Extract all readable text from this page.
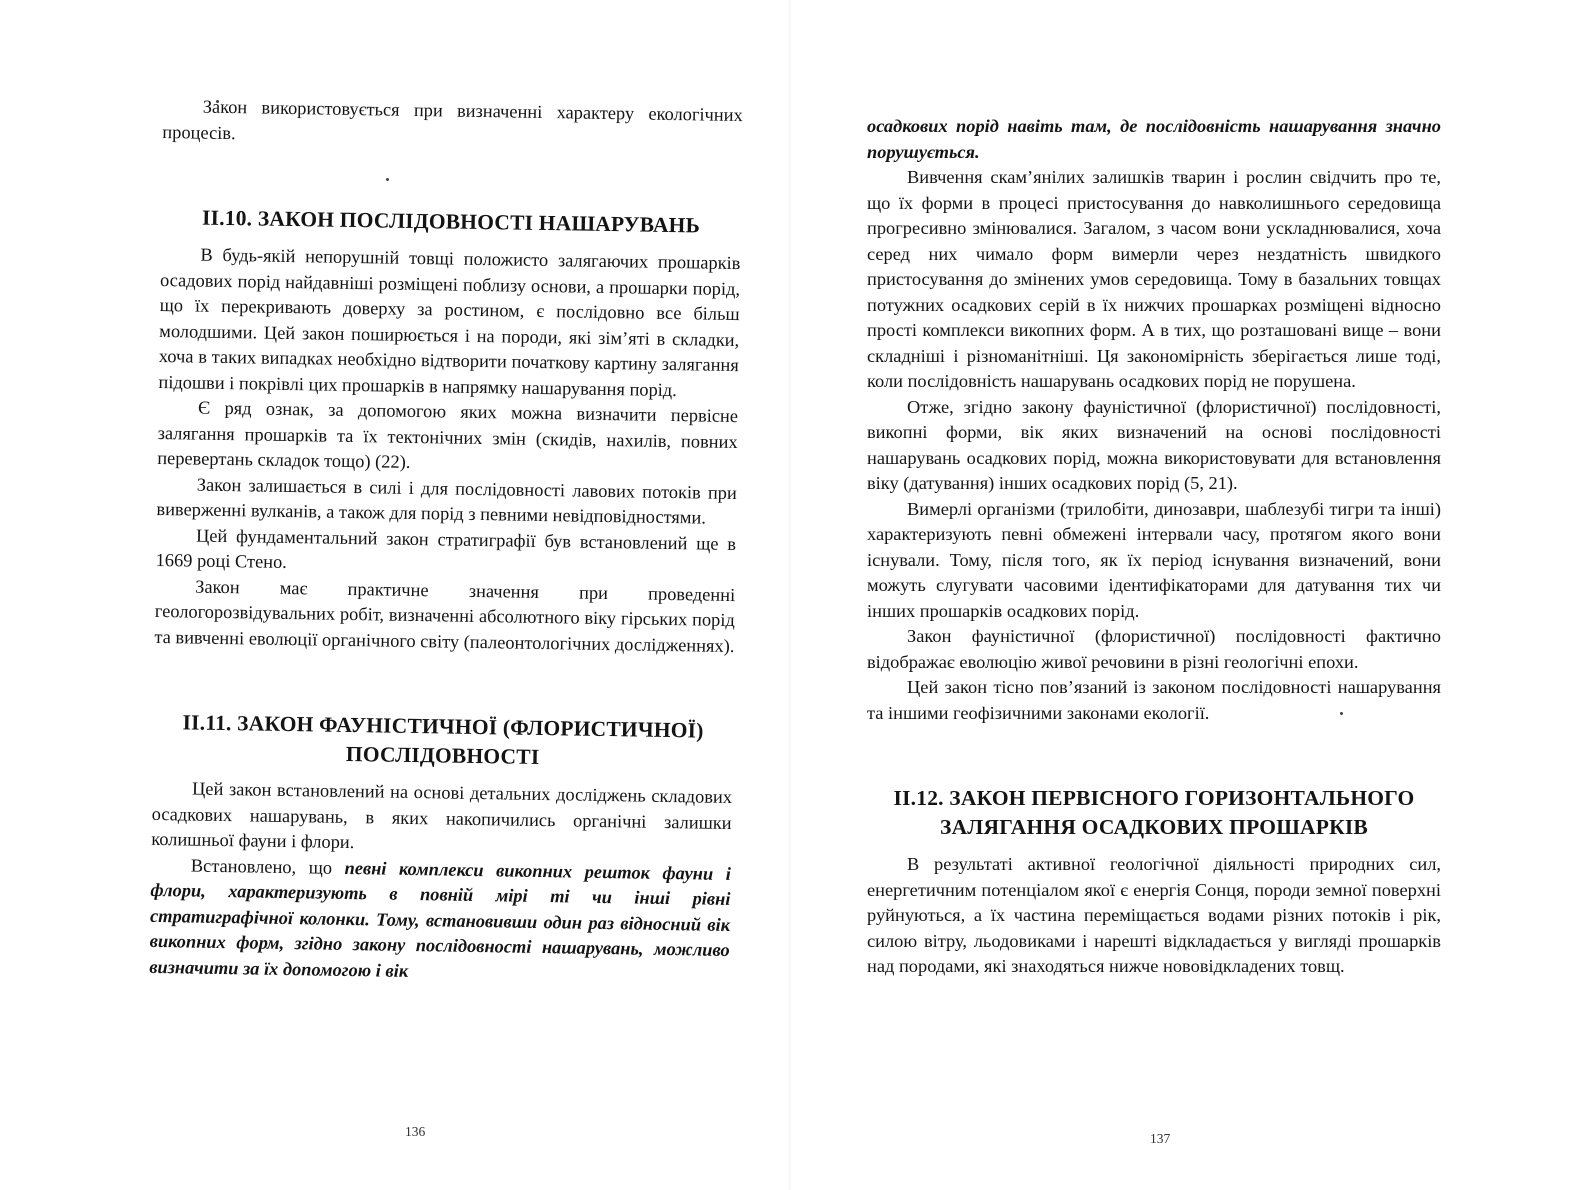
Закон використовується при визначенні характеру екологічних процесів.

ІІ.10. ЗАКОН ПОСЛІДОВНОСТІ НАШАРУВАНЬ

В будь-якій непорушній товщі положисто залягаючих прошарків осадових порід найдавніші розміщені поблизу основи, а прошарки порід, що їх перекривають доверху за ростином, є послідовно все більш молодшими. Цей закон поширюється і на породи, які зім’яті в складки, хоча в таких випадках необхідно відтворити початкову картину залягання підошви і покрівлі цих прошарків в напрямку нашарування порід.

Є ряд ознак, за допомогою яких можна визначити первісне залягання прошарків та їх тектонічних змін (скидів, нахилів, повних перевертань складок тощо) (22).

Закон залишається в силі і для послідовності лавових потоків при виверженні вулканів, а також для порід з певними невідповідностями.

Цей фундаментальний закон стратиграфії був встановлений ще в 1669 році Стено.

Закон має практичне значення при проведенні геологорозвідувальних робіт, визначенні абсолютного віку гірських порід та вивченні еволюції органічного світу (палеонтологічних дослідженнях).

ІІ.11. ЗАКОН ФАУНІСТИЧНОЇ (ФЛОРИСТИЧНОЇ)
ПОСЛІДОВНОСТІ

Цей закон встановлений на основі детальних досліджень складових осадкових нашарувань, в яких накопичились органічні залишки колишньої фауни і флори.

Встановлено, що певні комплекси викопних решток фауни і флори, характеризують в повній мірі ті чи інші рівні стратиграфічної колонки. Тому, встановивши один раз відносний вік викопних форм, згідно закону послідовності нашарувань, можливо визначити за їх допомогою і вік

136

осадкових порід навіть там, де послідовність нашарування значно порушується.

Вивчення скам’янілих залишків тварин і рослин свідчить про те, що їх форми в процесі пристосування до навколишнього середовища прогресивно змінювалися. Загалом, з часом вони ускладнювалися, хоча серед них чимало форм вимерли через нездатність швидкого пристосування до змінених умов середовища. Тому в базальних товщах потужних осадкових серій в їх нижчих прошарках розміщені відносно прості комплекси викопних форм. А в тих, що розташовані вище – вони складніші і різноманітніші. Ця закономірність зберігається лише тоді, коли послідовність нашарувань осадкових порід не порушена.

Отже, згідно закону фауністичної (флористичної) послідовності, викопні форми, вік яких визначений на основі послідовності нашарувань осадкових порід, можна використовувати для встановлення віку (датування) інших осадкових порід (5, 21).

Вимерлі організми (трилобіти, динозаври, шаблезубі тигри та інші) характеризують певні обмежені інтервали часу, протягом якого вони існували. Тому, після того, як їх період існування визначений, вони можуть слугувати часовими ідентифікаторами для датування тих чи інших прошарків осадкових порід.

Закон фауністичної (флористичної) послідовності фактично відображає еволюцію живої речовини в різні геологічні епохи.

Цей закон тісно пов’язаний із законом послідовності нашарування та іншими геофізичними законами екології.

ІІ.12. ЗАКОН ПЕРВІСНОГО ГОРИЗОНТАЛЬНОГО
ЗАЛЯГАННЯ ОСАДКОВИХ ПРОШАРКІВ

В результаті активної геологічної діяльності природних сил, енергетичним потенціалом якої є енергія Сонця, породи земної поверхні руйнуються, а їх частина переміщається водами різних потоків і рік, силою вітру, льодовиками і нарешті відкладається у вигляді прошарків над породами, які знаходяться нижче нововідкладених товщ.

137
